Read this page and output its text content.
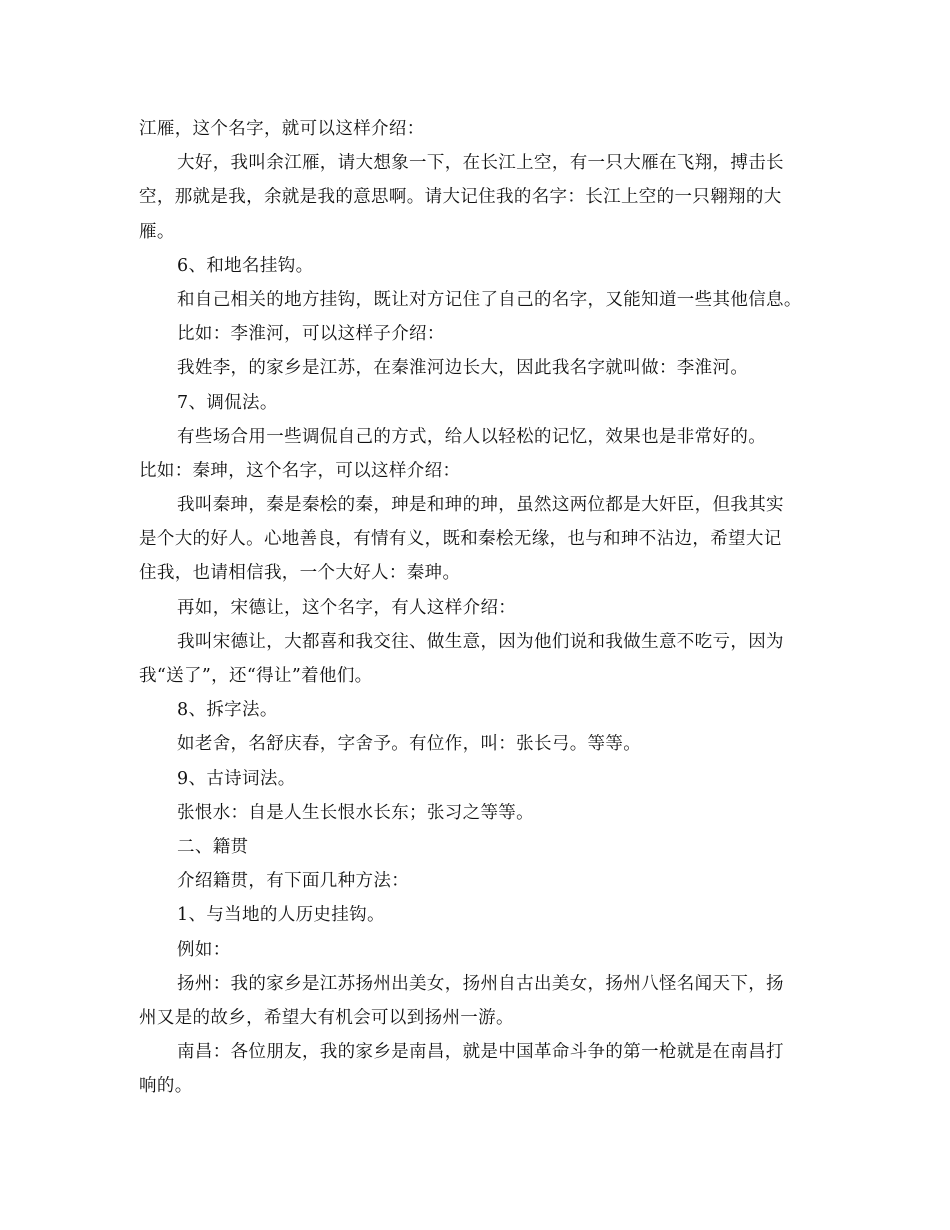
江雁，这个名字，就可以这样介绍：
大好，我叫余江雁，请大想象一下，在长江上空，有一只大雁在飞翔，搏击长
空，那就是我，余就是我的意思啊。请大记住我的名字：长江上空的一只翱翔的大
雁。
6、和地名挂钩。
和自己相关的地方挂钩，既让对方记住了自己的名字，又能知道一些其他信息。
比如：李淮河，可以这样子介绍：
我姓李，的家乡是江苏，在秦淮河边长大，因此我名字就叫做：李淮河。
7、调侃法。
有些场合用一些调侃自己的方式，给人以轻松的记忆，效果也是非常好的。
比如：秦珅，这个名字，可以这样介绍：
我叫秦珅，秦是秦桧的秦，珅是和珅的珅，虽然这两位都是大奸臣，但我其实
是个大的好人。心地善良，有情有义，既和秦桧无缘，也与和珅不沾边，希望大记
住我，也请相信我，一个大好人：秦珅。
再如，宋德让，这个名字，有人这样介绍：
我叫宋德让，大都喜和我交往、做生意，因为他们说和我做生意不吃亏，因为
我“送了”，还“得让”着他们。
8、拆字法。
如老舍，名舒庆春，字舍予。有位作，叫：张长弓。等等。
9、古诗词法。
张恨水：自是人生长恨水长东；张习之等等。
二、籍贯
介绍籍贯，有下面几种方法：
1、与当地的人历史挂钩。
例如：
扬州：我的家乡是江苏扬州出美女，扬州自古出美女，扬州八怪名闻天下，扬
州又是的故乡，希望大有机会可以到扬州一游。
南昌：各位朋友，我的家乡是南昌，就是中国革命斗争的第一枪就是在南昌打
响的。
